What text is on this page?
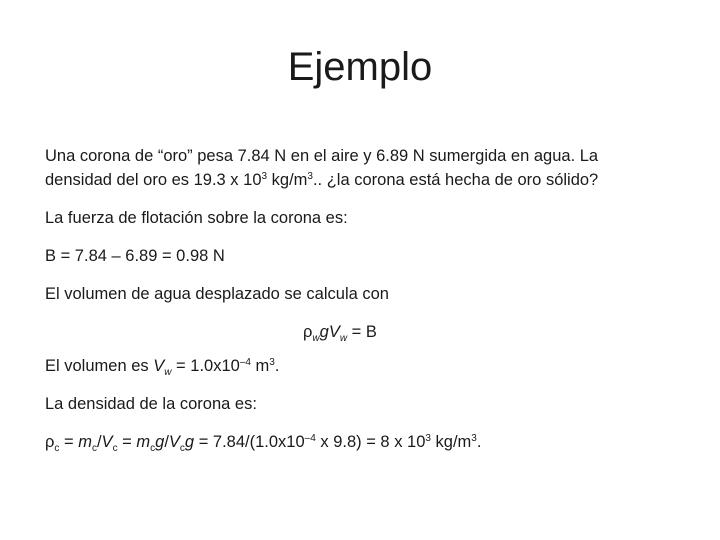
Ejemplo

Una corona de “oro” pesa 7.84 N en el aire y 6.89 N sumergida en agua. La

densidad del oro es 19.3 x $10^3$ $kg/m^3$.. ¿la corona está hecha de oro sólido?

La fuerza de flotación sobre la corona es:

B = 7.84 – 6.89 = 0.98 N

El volumen de agua desplazado se calcula con

$\rho_wgV_w = B$

El volumen es $V_w = 1.0x10^{-4}$ $m^3$.

La densidad de la corona es:

$\rho_c = m_c/V_c = m_cg/V_cg = 7.84/(1.0x10^{-4}$ x 9.8) = 8 x $10^3$ $kg/m^3$.
